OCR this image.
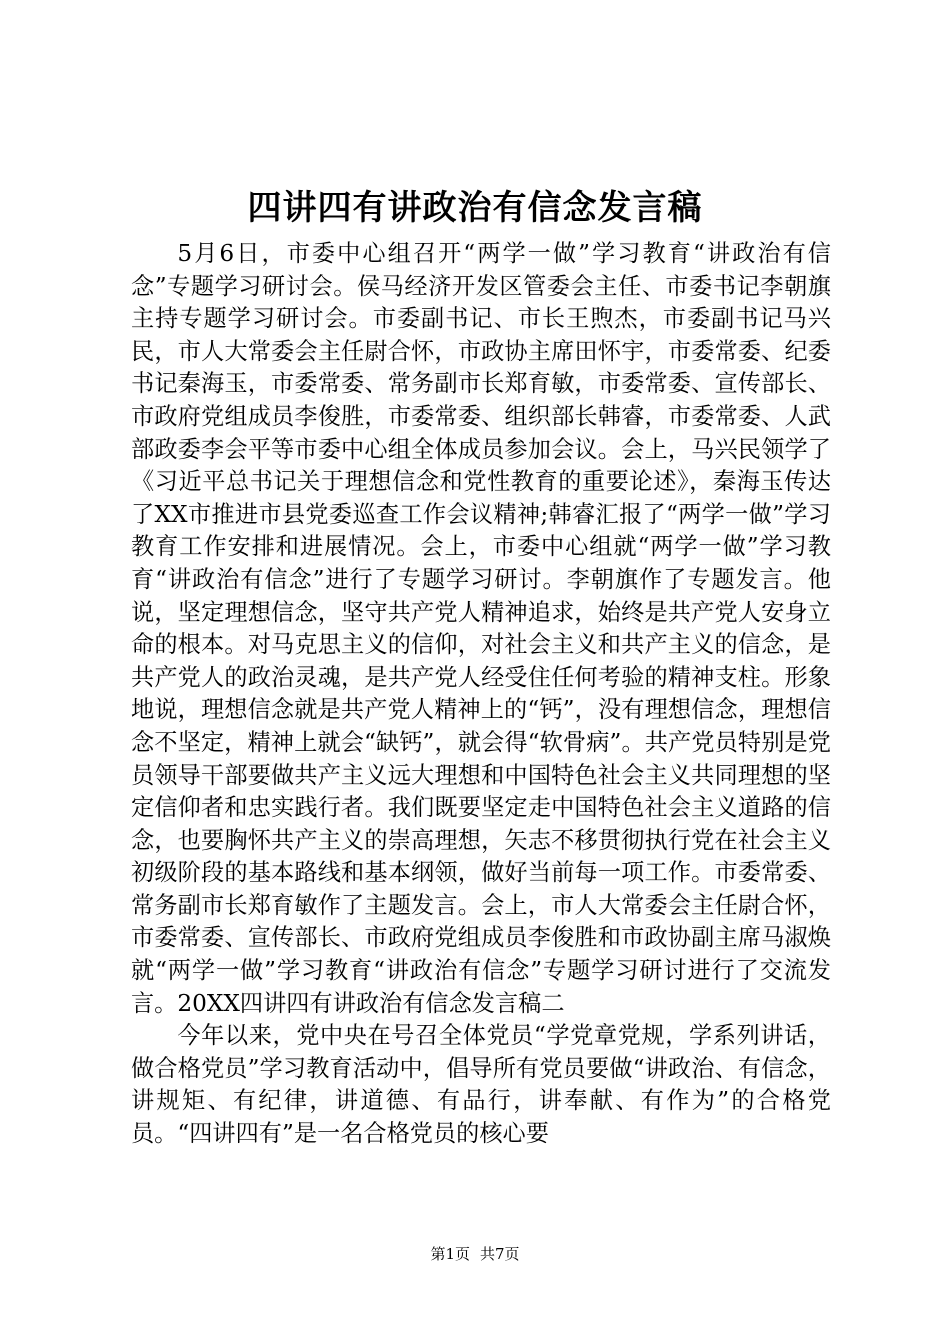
四讲四有讲政治有信念发言稿

5月6日，市委中心组召开“两学一做”学习教育“讲政治有信念”专题学习研讨会。侯马经济开发区管委会主任、市委书记李朝旗主持专题学习研讨会。市委副书记、市长王煦杰，市委副书记马兴民，市人大常委会主任尉合怀，市政协主席田怀宇，市委常委、纪委书记秦海玉，市委常委、常务副市长郑育敏，市委常委、宣传部长、市政府党组成员李俊胜，市委常委、组织部长韩睿，市委常委、人武部政委李会平等市委中心组全体成员参加会议。会上，马兴民领学了《习近平总书记关于理想信念和党性教育的重要论述》，秦海玉传达了XX市推进市县党委巡查工作会议精神;韩睿汇报了“两学一做”学习教育工作安排和进展情况。会上，市委中心组就“两学一做”学习教育“讲政治有信念”进行了专题学习研讨。李朝旗作了专题发言。他说，坚定理想信念，坚守共产党人精神追求，始终是共产党人安身立命的根本。对马克思主义的信仰，对社会主义和共产主义的信念，是共产党人的政治灵魂，是共产党人经受住任何考验的精神支柱。形象地说，理想信念就是共产党人精神上的“钙”，没有理想信念，理想信念不坚定，精神上就会“缺钙”，就会得“软骨病”。共产党员特别是党员领导干部要做共产主义远大理想和中国特色社会主义共同理想的坚定信仰者和忠实践行者。我们既要坚定走中国特色社会主义道路的信念，也要胸怀共产主义的崇高理想，矢志不移贯彻执行党在社会主义初级阶段的基本路线和基本纲领，做好当前每一项工作。市委常委、常务副市长郑育敏作了主题发言。会上，市人大常委会主任尉合怀，市委常委、宣传部长、市政府党组成员李俊胜和市政协副主席马淑焕就“两学一做”学习教育“讲政治有信念”专题学习研讨进行了交流发言。20XX四讲四有讲政治有信念发言稿二

今年以来，党中央在号召全体党员“学党章党规，学系列讲话，做合格党员”学习教育活动中，倡导所有党员要做“讲政治、有信念，讲规矩、有纪律，讲道德、有品行，讲奉献、有作为”的合格党员。“四讲四有”是一名合格党员的核心要

第1页 共7页
